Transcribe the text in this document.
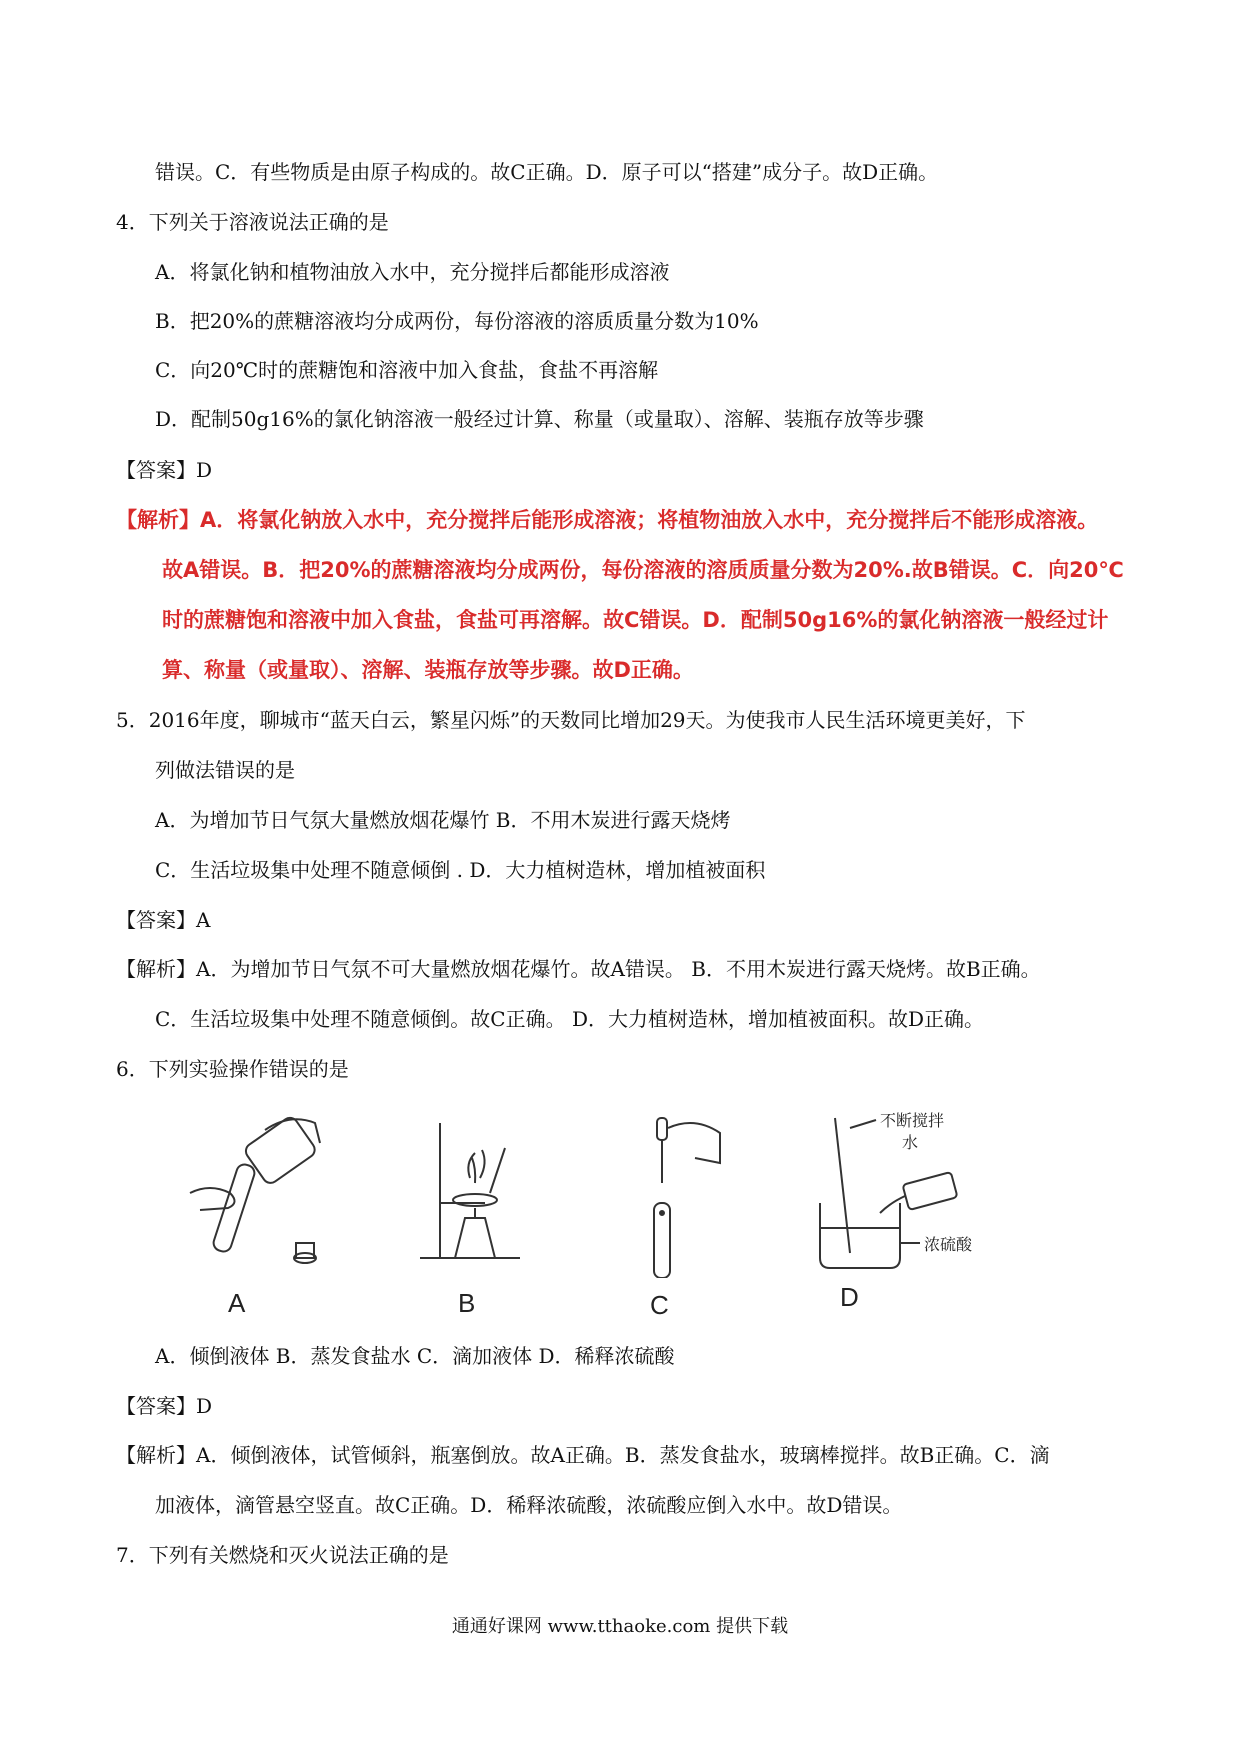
错误。C．有些物质是由原子构成的。故C正确。D．原子可以“搭建”成分子。故D正确。
4．下列关于溶液说法正确的是
A．将氯化钠和植物油放入水中，充分搅拌后都能形成溶液
B．把20%的蔗糖溶液均分成两份，每份溶液的溶质质量分数为10%
C．向20℃时的蔗糖饱和溶液中加入食盐，食盐不再溶解
D．配制50g16%的氯化钠溶液一般经过计算、称量（或量取）、溶解、装瓶存放等步骤
【答案】D
【解析】A．将氯化钠放入水中，充分搅拌后能形成溶液；将植物油放入水中，充分搅拌后不能形成溶液。
故A错误。B．把20%的蔗糖溶液均分成两份，每份溶液的溶质质量分数为20%.故B错误。C．向20℃
时的蔗糖饱和溶液中加入食盐，食盐可再溶解。故C错误。D．配制50g16%的氯化钠溶液一般经过计
算、称量（或量取）、溶解、装瓶存放等步骤。故D正确。
5．2016年度，聊城市“蓝天白云，繁星闪烁”的天数同比增加29天。为使我市人民生活环境更美好，下
列做法错误的是
A．为增加节日气氛大量燃放烟花爆竹 B．不用木炭进行露天烧烤
C．生活垃圾集中处理不随意倾倒 . D．大力植树造林，增加植被面积
【答案】A
【解析】A．为增加节日气氛不可大量燃放烟花爆竹。故A错误。 B．不用木炭进行露天烧烤。故B正确。
C．生活垃圾集中处理不随意倾倒。故C正确。 D．大力植树造林，增加植被面积。故D正确。
6．下列实验操作错误的是
A	B	C
不断搅拌
水
浓硫酸
D
A．倾倒液体 B．蒸发食盐水 C．滴加液体 D．稀释浓硫酸
【答案】D
【解析】A．倾倒液体，试管倾斜，瓶塞倒放。故A正确。B．蒸发食盐水，玻璃棒搅拌。故B正确。C．滴
加液体，滴管悬空竖直。故C正确。D．稀释浓硫酸，浓硫酸应倒入水中。故D错误。
7．下列有关燃烧和灭火说法正确的是
通通好课网 www.tthaoke.com 提供下载
